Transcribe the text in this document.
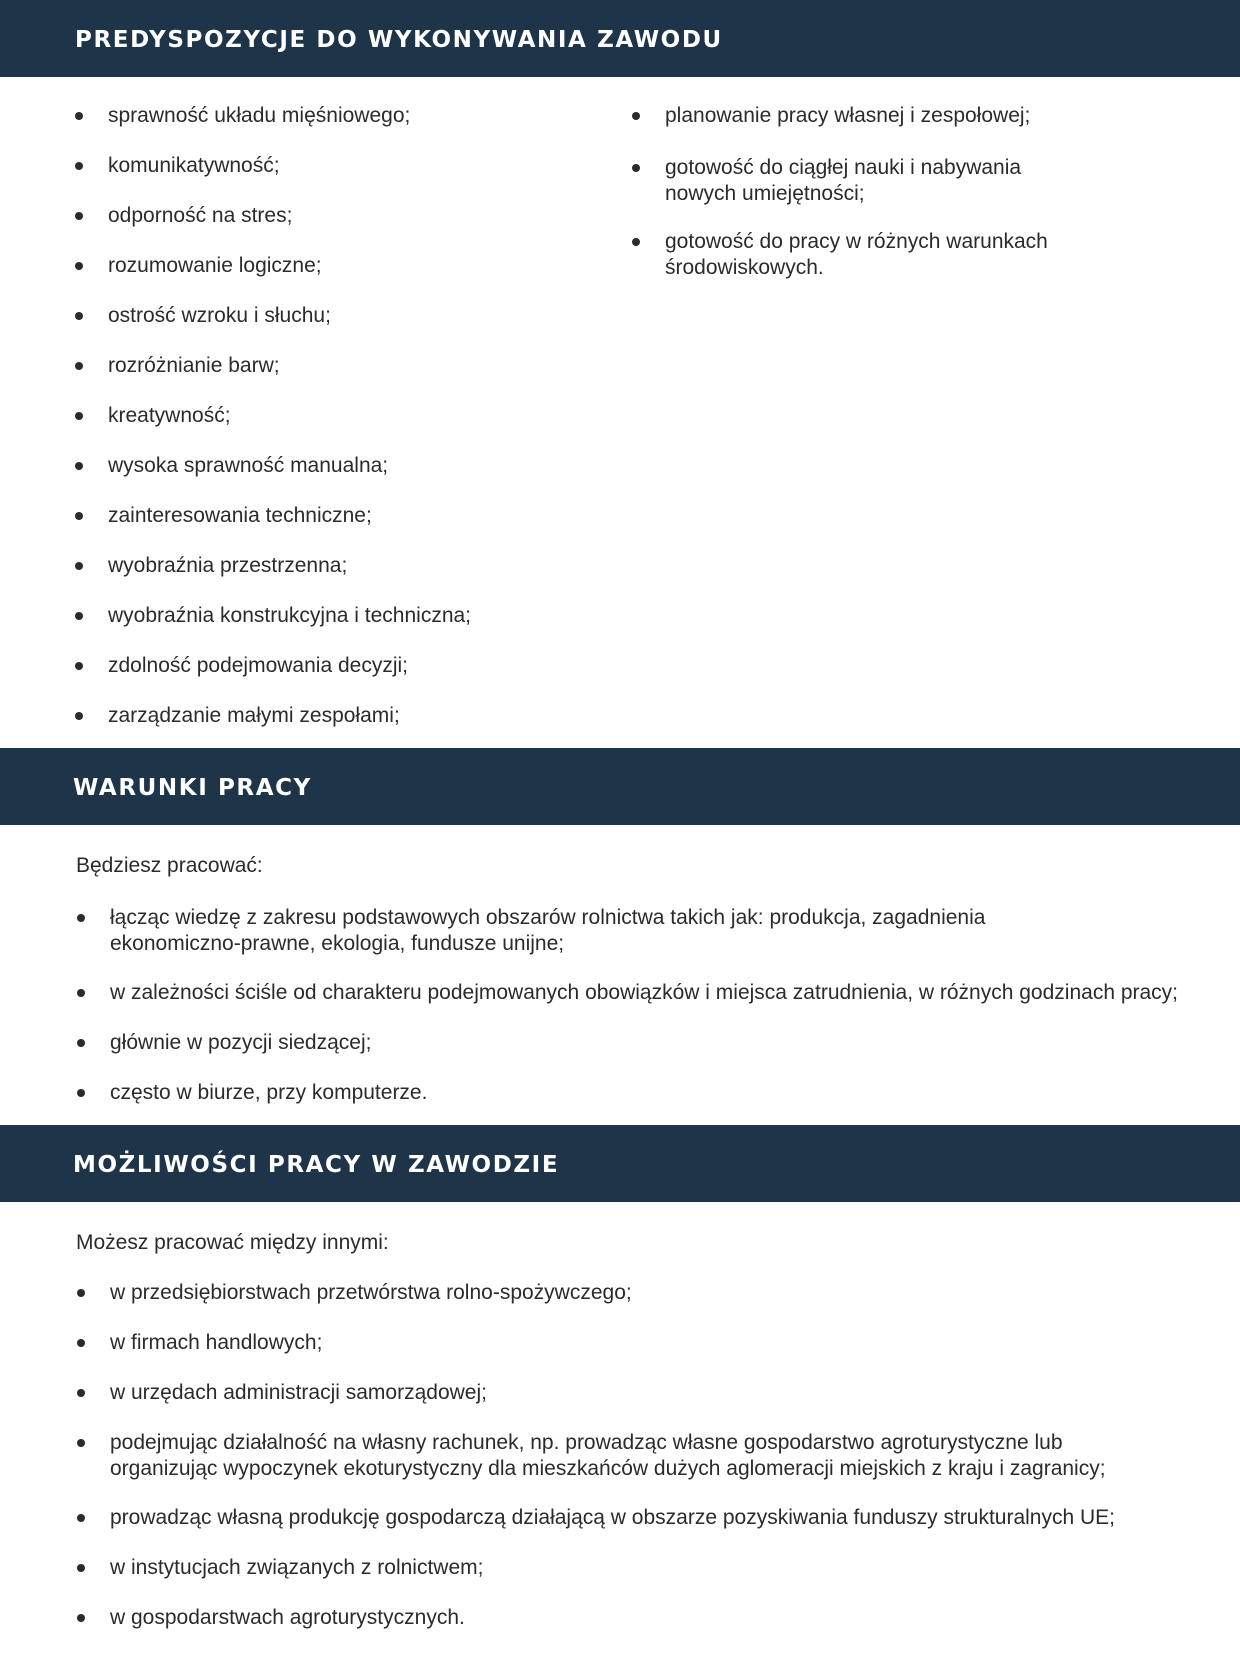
PREDYSPOZYCJE DO WYKONYWANIA ZAWODU
sprawność układu mięśniowego;
komunikatywność;
odporność na stres;
rozumowanie logiczne;
ostrość wzroku i słuchu;
rozróżnianie barw;
kreatywność;
wysoka sprawność manualna;
zainteresowania techniczne;
wyobraźnia przestrzenna;
wyobraźnia konstrukcyjna i techniczna;
zdolność podejmowania decyzji;
zarządzanie małymi zespołami;
planowanie pracy własnej i zespołowej;
gotowość do ciągłej nauki i nabywania nowych umiejętności;
gotowość do pracy w różnych warunkach środowiskowych.
WARUNKI PRACY

Będziesz pracować:

łącząc wiedzę z zakresu podstawowych obszarów rolnictwa takich jak: produkcja, zagadnienia ekonomiczno-prawne, ekologia, fundusze unijne;
w zależności ściśle od charakteru podejmowanych obowiązków i miejsca zatrudnienia, w różnych godzinach pracy;
głównie w pozycji siedzącej;
często w biurze, przy komputerze.
MOŻLIWOŚCI PRACY W ZAWODZIE

Możesz pracować między innymi:

w przedsiębiorstwach przetwórstwa rolno-spożywczego;
w firmach handlowych;
w urzędach administracji samorządowej;
podejmując działalność na własny rachunek, np. prowadząc własne gospodarstwo agroturystyczne lub organizując wypoczynek ekoturystyczny dla mieszkańców dużych aglomeracji miejskich z kraju i zagranicy;
prowadząc własną produkcję gospodarczą działającą w obszarze pozyskiwania funduszy strukturalnych UE;
w instytucjach związanych z rolnictwem;
w gospodarstwach agroturystycznych.
